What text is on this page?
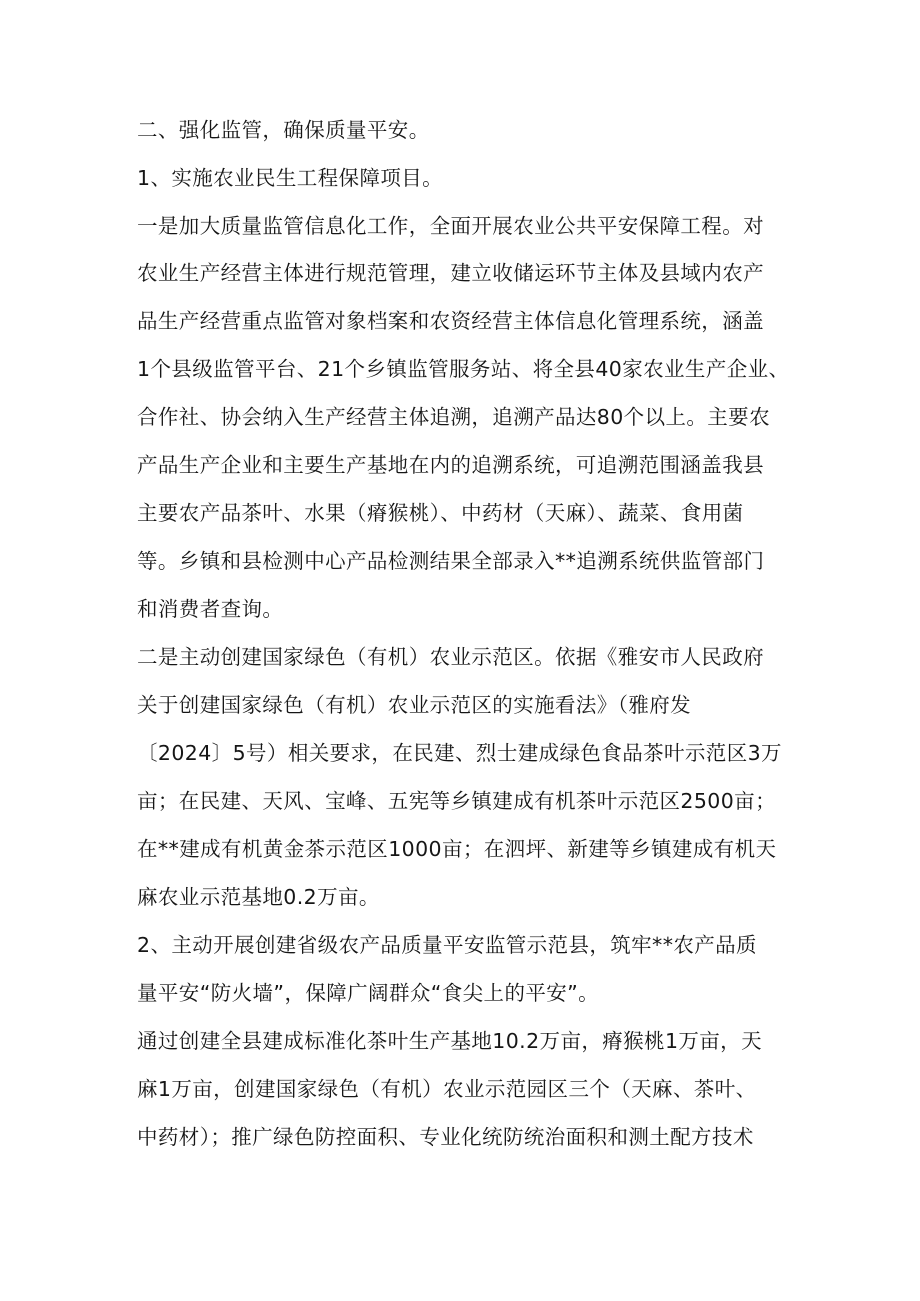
二、强化监管，确保质量平安。
1、实施农业民生工程保障项目。
一是加大质量监管信息化工作，全面开展农业公共平安保障工程。对
农业生产经营主体进行规范管理，建立收储运环节主体及县域内农产
品生产经营重点监管对象档案和农资经营主体信息化管理系统，涵盖
1个县级监管平台、21个乡镇监管服务站、将全县40家农业生产企业、
合作社、协会纳入生产经营主体追溯，追溯产品达80个以上。主要农
产品生产企业和主要生产基地在内的追溯系统，可追溯范围涵盖我县
主要农产品茶叶、水果（瘠猴桃）、中药材（天麻）、蔬菜、食用菌
等。乡镇和县检测中心产品检测结果全部录入**追溯系统供监管部门
和消费者查询。
二是主动创建国家绿色（有机）农业示范区。依据《雅安市人民政府
关于创建国家绿色（有机）农业示范区的实施看法》（雅府发
〔2024〕5号）相关要求，在民建、烈士建成绿色食品茶叶示范区3万
亩；在民建、天风、宝峰、五宪等乡镇建成有机茶叶示范区2500亩；
在**建成有机黄金茶示范区1000亩；在泗坪、新建等乡镇建成有机天
麻农业示范基地0.2万亩。
2、主动开展创建省级农产品质量平安监管示范县，筑牢**农产品质
量平安“防火墙”，保障广阔群众“食尖上的平安”。
通过创建全县建成标准化茶叶生产基地10.2万亩，瘠猴桃1万亩，天
麻1万亩，创建国家绿色（有机）农业示范园区三个（天麻、茶叶、
中药材）；推广绿色防控面积、专业化统防统治面积和测土配方技术
